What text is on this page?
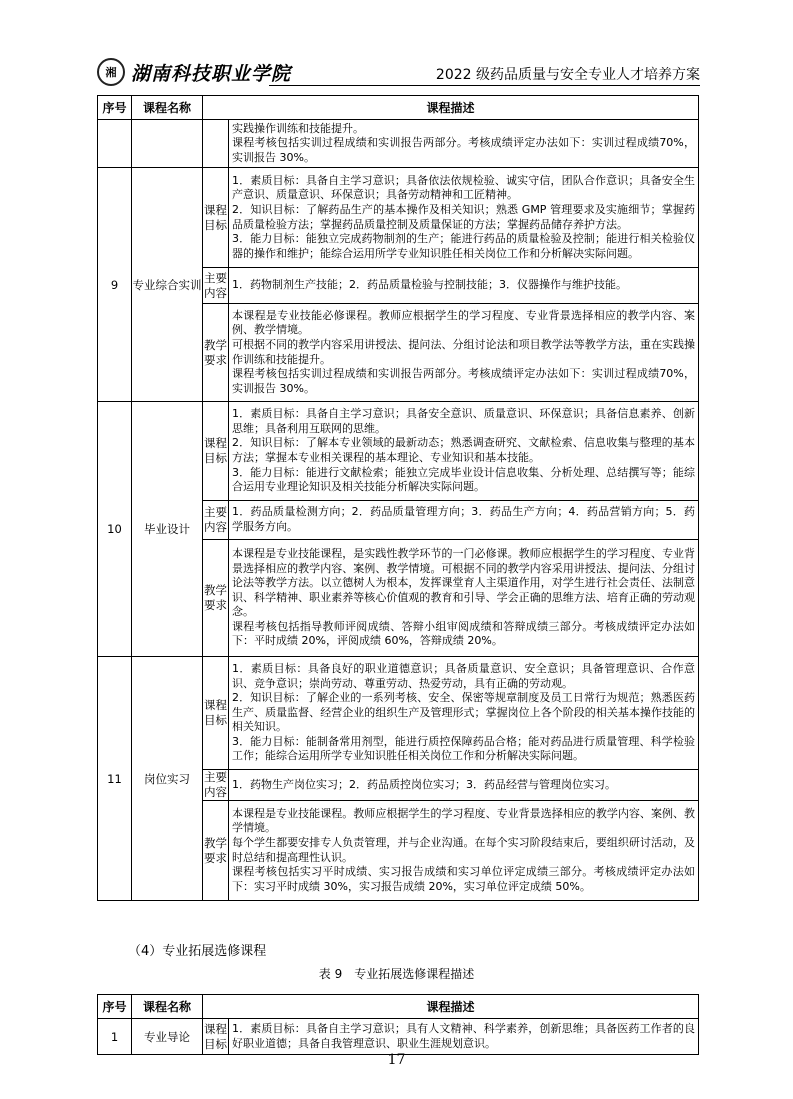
湘 湖南科技职业学院	2022 级药品质量与安全专业人才培养方案
序号	课程名称	课程描述	

			实践操作训练和技能提升。

课程考核包括实训过程成绩和实训报告两部分。考核成绩评定办法如下：实训过程成绩70%，实训报告 30%。

9	专业综合实训	课程目标	1．素质目标：具备自主学习意识；具备依法依规检验、诚实守信，团队合作意识；具备安全生产意识、质量意识、环保意识；具备劳动精神和工匠精神。

2．知识目标：了解药品生产的基本操作及相关知识；熟悉 GMP 管理要求及实施细节；掌握药品质量检验方法；掌握药品质量控制及质量保证的方法；掌握药品储存养护方法。

3．能力目标：能独立完成药物制剂的生产；能进行药品的质量检验及控制；能进行相关检验仪器的操作和维护；能综合运用所学专业知识胜任相关岗位工作和分析解决实际问题。

		主要内容	1．药物制剂生产技能；2．药品质量检验与控制技能；3．仪器操作与维护技能。
		教学要求	本课程是专业技能必修课程。教师应根据学生的学习程度、专业背景选择相应的教学内容、案例、教学情境。

可根据不同的教学内容采用讲授法、提问法、分组讨论法和项目教学法等教学方法，重在实践操作训练和技能提升。

课程考核包括实训过程成绩和实训报告两部分。考核成绩评定办法如下：实训过程成绩70%，实训报告 30%。

10	毕业设计	课程目标	1．素质目标：具备自主学习意识；具备安全意识、质量意识、环保意识；具备信息素养、创新思维；具备利用互联网的思维。

2．知识目标：了解本专业领域的最新动态；熟悉调查研究、文献检索、信息收集与整理的基本方法；掌握本专业相关课程的基本理论、专业知识和基本技能。

3．能力目标：能进行文献检索；能独立完成毕业设计信息收集、分析处理、总结撰写等；能综合运用专业理论知识及相关技能分析解决实际问题。

		主要内容	1．药品质量检测方向；2．药品质量管理方向；3．药品生产方向；4．药品营销方向；5．药学服务方向。
		教学要求	本课程是专业技能课程，是实践性教学环节的一门必修课。教师应根据学生的学习程度、专业背景选择相应的教学内容、案例、教学情境。可根据不同的教学内容采用讲授法、提问法、分组讨论法等教学方法。以立德树人为根本，发挥课堂育人主渠道作用，对学生进行社会责任、法制意识、科学精神、职业素养等核心价值观的教育和引导、学会正确的思维方法、培育正确的劳动观念。

课程考核包括指导教师评阅成绩、答辩小组审阅成绩和答辩成绩三部分。考核成绩评定办法如下：平时成绩 20%，评阅成绩 60%，答辩成绩 20%。

11	岗位实习	课程目标	1．素质目标：具备良好的职业道德意识；具备质量意识、安全意识；具备管理意识、合作意识、竞争意识；崇尚劳动、尊重劳动、热爱劳动，具有正确的劳动观。

2．知识目标：了解企业的一系列考核、安全、保密等规章制度及员工日常行为规范；熟悉医药生产、质量监督、经营企业的组织生产及管理形式；掌握岗位上各个阶段的相关基本操作技能的相关知识。

3．能力目标：能制备常用剂型，能进行质控保障药品合格；能对药品进行质量管理、科学检验工作；能综合运用所学专业知识胜任相关岗位工作和分析解决实际问题。

		主要内容	1．药物生产岗位实习；2．药品质控岗位实习；3．药品经营与管理岗位实习。
		教学要求	本课程是专业技能课程。教师应根据学生的学习程度、专业背景选择相应的教学内容、案例、教学情境。

每个学生都要安排专人负责管理，并与企业沟通。在每个实习阶段结束后，要组织研讨活动，及时总结和提高理性认识。

课程考核包括实习平时成绩、实习报告成绩和实习单位评定成绩三部分。考核成绩评定办法如下：实习平时成绩 30%，实习报告成绩 20%，实习单位评定成绩 50%。

（4）专业拓展选修课程
表 9　专业拓展选修课程描述
序号	课程名称	课程描述	
1	专业导论	课程目标	1．素质目标：具备自主学习意识；具有人文精神、科学素养，创新思维；具备医药工作者的良好职业道德；具备自我管理意识、职业生涯规划意识。
17
